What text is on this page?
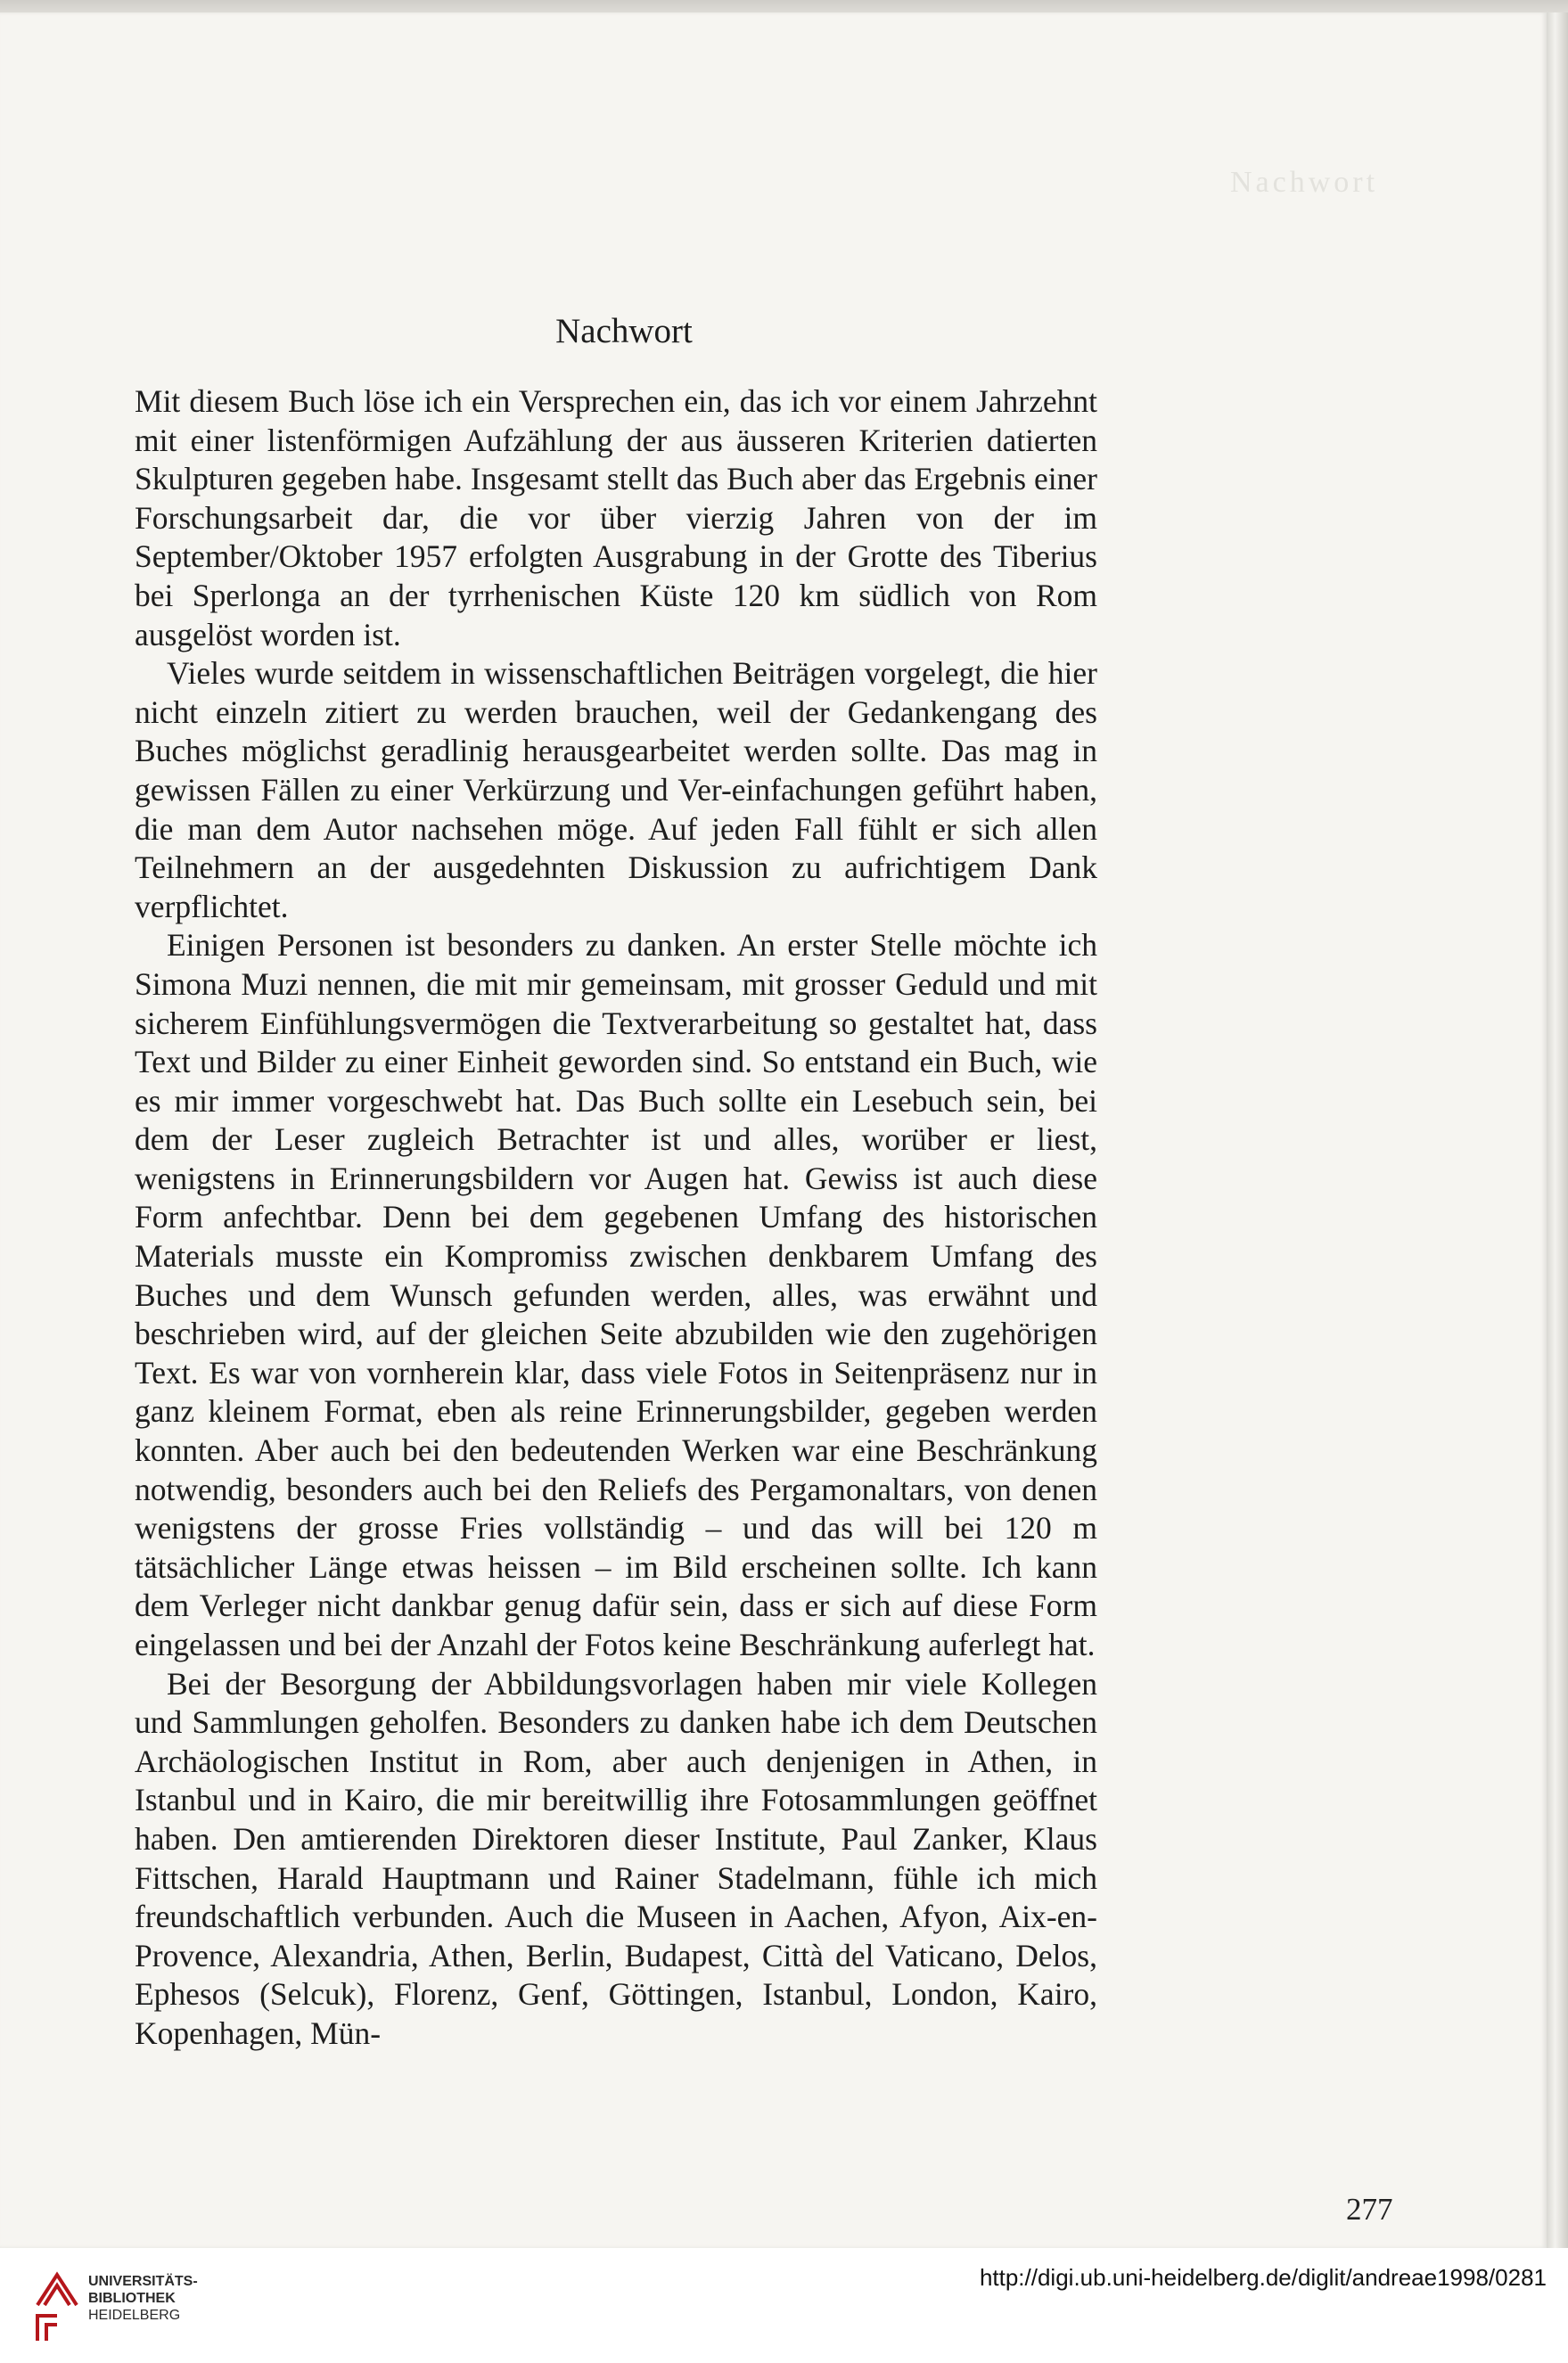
Nachwort
Nachwort

Mit diesem Buch löse ich ein Versprechen ein, das ich vor einem Jahrzehnt mit einer listenförmigen Aufzählung der aus äusseren Kriterien datierten Skulpturen gegeben habe. Insgesamt stellt das Buch aber das Ergebnis einer Forschungsarbeit dar, die vor über vierzig Jahren von der im September/Oktober 1957 erfolgten Ausgrabung in der Grotte des Tiberius bei Sperlonga an der tyrrhenischen Küste 120 km südlich von Rom ausgelöst worden ist.

Vieles wurde seitdem in wissenschaftlichen Beiträgen vorgelegt, die hier nicht einzeln zitiert zu werden brauchen, weil der Gedankengang des Buches möglichst geradlinig herausgearbeitet werden sollte. Das mag in gewissen Fällen zu einer Verkürzung und Ver-einfachungen geführt haben, die man dem Autor nachsehen möge. Auf jeden Fall fühlt er sich allen Teilnehmern an der ausgedehnten Diskussion zu aufrichtigem Dank verpflichtet.

Einigen Personen ist besonders zu danken. An erster Stelle möchte ich Simona Muzi nennen, die mit mir gemeinsam, mit grosser Geduld und mit sicherem Einfühlungsvermögen die Textverarbeitung so gestaltet hat, dass Text und Bilder zu einer Einheit geworden sind. So entstand ein Buch, wie es mir immer vorgeschwebt hat. Das Buch sollte ein Lesebuch sein, bei dem der Leser zugleich Betrachter ist und alles, worüber er liest, wenigstens in Erinnerungsbildern vor Augen hat. Gewiss ist auch diese Form anfechtbar. Denn bei dem gegebenen Umfang des historischen Materials musste ein Kompromiss zwischen denkbarem Umfang des Buches und dem Wunsch gefunden werden, alles, was erwähnt und beschrieben wird, auf der gleichen Seite abzubilden wie den zugehörigen Text. Es war von vornherein klar, dass viele Fotos in Seitenpräsenz nur in ganz kleinem Format, eben als reine Erinnerungsbilder, gegeben werden konnten. Aber auch bei den bedeutenden Werken war eine Beschränkung notwendig, besonders auch bei den Reliefs des Pergamonaltars, von denen wenigstens der grosse Fries vollständig – und das will bei 120 m tätsächlicher Länge etwas heissen – im Bild erscheinen sollte. Ich kann dem Verleger nicht dankbar genug dafür sein, dass er sich auf diese Form eingelassen und bei der Anzahl der Fotos keine Beschränkung auferlegt hat.

Bei der Besorgung der Abbildungsvorlagen haben mir viele Kollegen und Sammlungen geholfen. Besonders zu danken habe ich dem Deutschen Archäologischen Institut in Rom, aber auch denjenigen in Athen, in Istanbul und in Kairo, die mir bereitwillig ihre Fotosammlungen geöffnet haben. Den amtierenden Direktoren dieser Institute, Paul Zanker, Klaus Fittschen, Harald Hauptmann und Rainer Stadelmann, fühle ich mich freundschaftlich verbunden. Auch die Museen in Aachen, Afyon, Aix-en-Provence, Alexandria, Athen, Berlin, Budapest, Città del Vaticano, Delos, Ephesos (Selcuk), Florenz, Genf, Göttingen, Istanbul, London, Kairo, Kopenhagen, Mün-

277
UNIVERSITÄTS-
BIBLIOTHEK
HEIDELBERG
http://digi.ub.uni-heidelberg.de/diglit/andreae1998/0281
